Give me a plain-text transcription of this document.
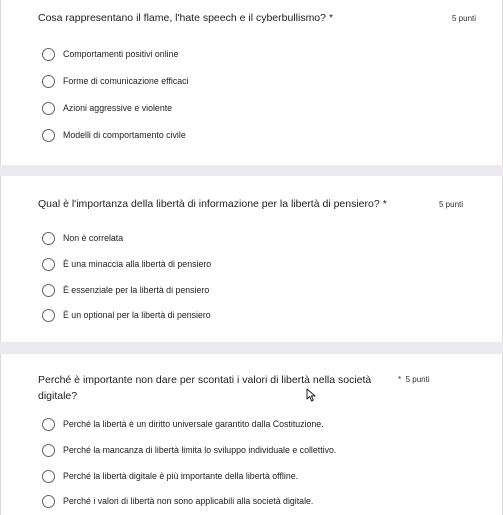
Cosa rappresentano il flame, l'hate speech e il cyberbullismo? *	5 punti
Comportamenti positivi online
Forme di comunicazione efficaci
Azioni aggressive e violente
Modelli di comportamento civile
Qual è l'importanza della libertà di informazione per la libertà di pensiero? *	5 punti
Non è correlata
È una minaccia alla libertà di pensiero
È essenziale per la libertà di pensiero
È un optional per la libertà di pensiero
Perché è importante non dare per scontati i valori di libertà nella società
digitale?
* 5 punti
Perché la libertà è un diritto universale garantito dalla Costituzione.
Perché la mancanza di libertà limita lo sviluppo individuale e collettivo.
Perché la libertà digitale è più importante della libertà offline.
Perché i valori di libertà non sono applicabili alla società digitale.
